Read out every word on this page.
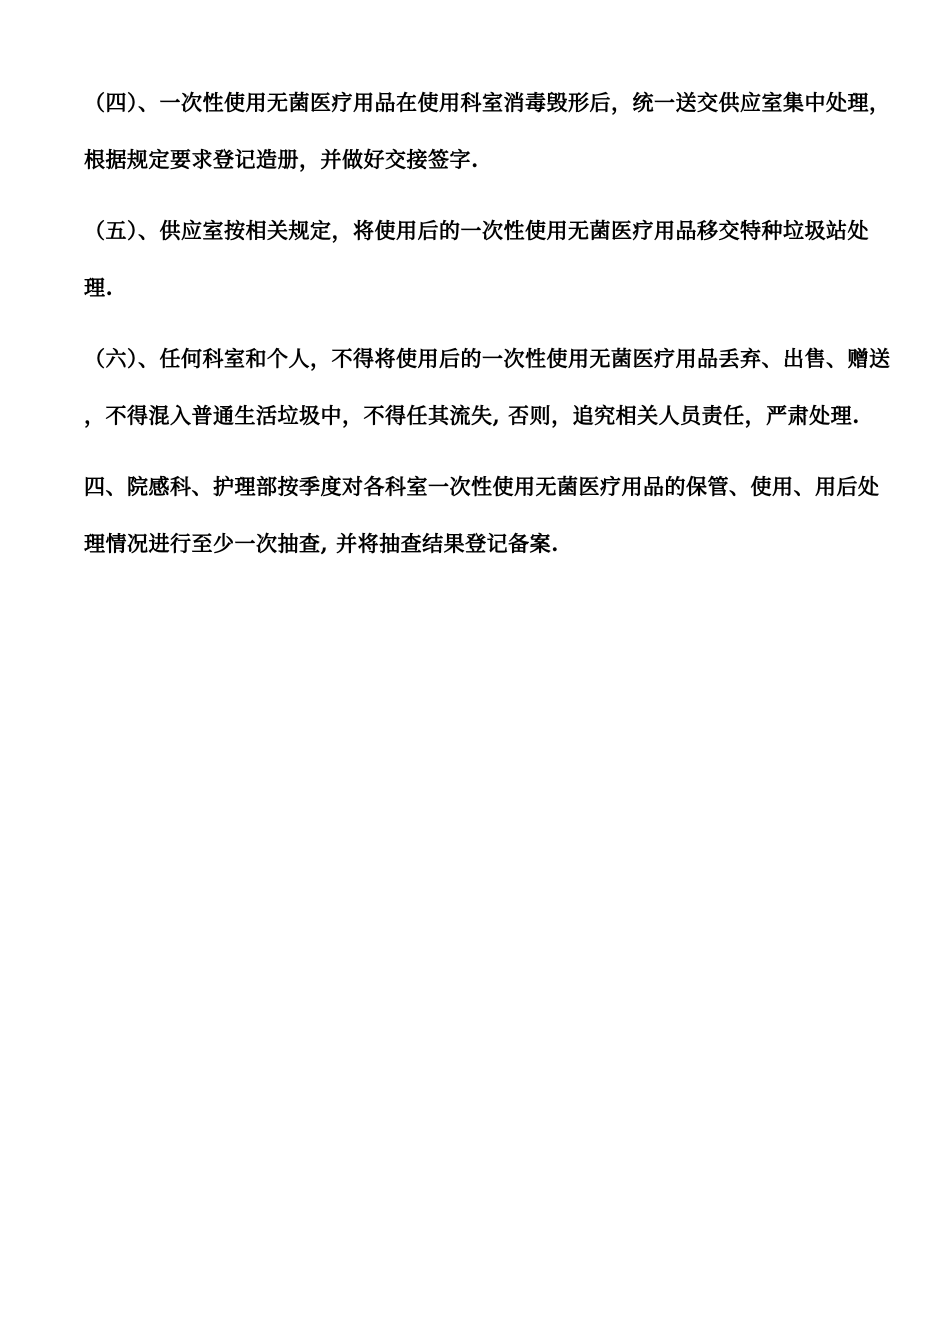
（四）、一次性使用无菌医疗用品在使用科室消毒毁形后，统一送交供应室集中处理，根据规定要求登记造册，并做好交接签字.

（五）、供应室按相关规定，将使用后的一次性使用无菌医疗用品移交特种垃圾站处理.

（六）、任何科室和个人，不得将使用后的一次性使用无菌医疗用品丢弃、出售、赠送 ，不得混入普通生活垃圾中，不得任其流失, 否则，追究相关人员责任，严肃处理.

四、院感科、护理部按季度对各科室一次性使用无菌医疗用品的保管、使用、用后处理情况进行至少一次抽查, 并将抽查结果登记备案.
